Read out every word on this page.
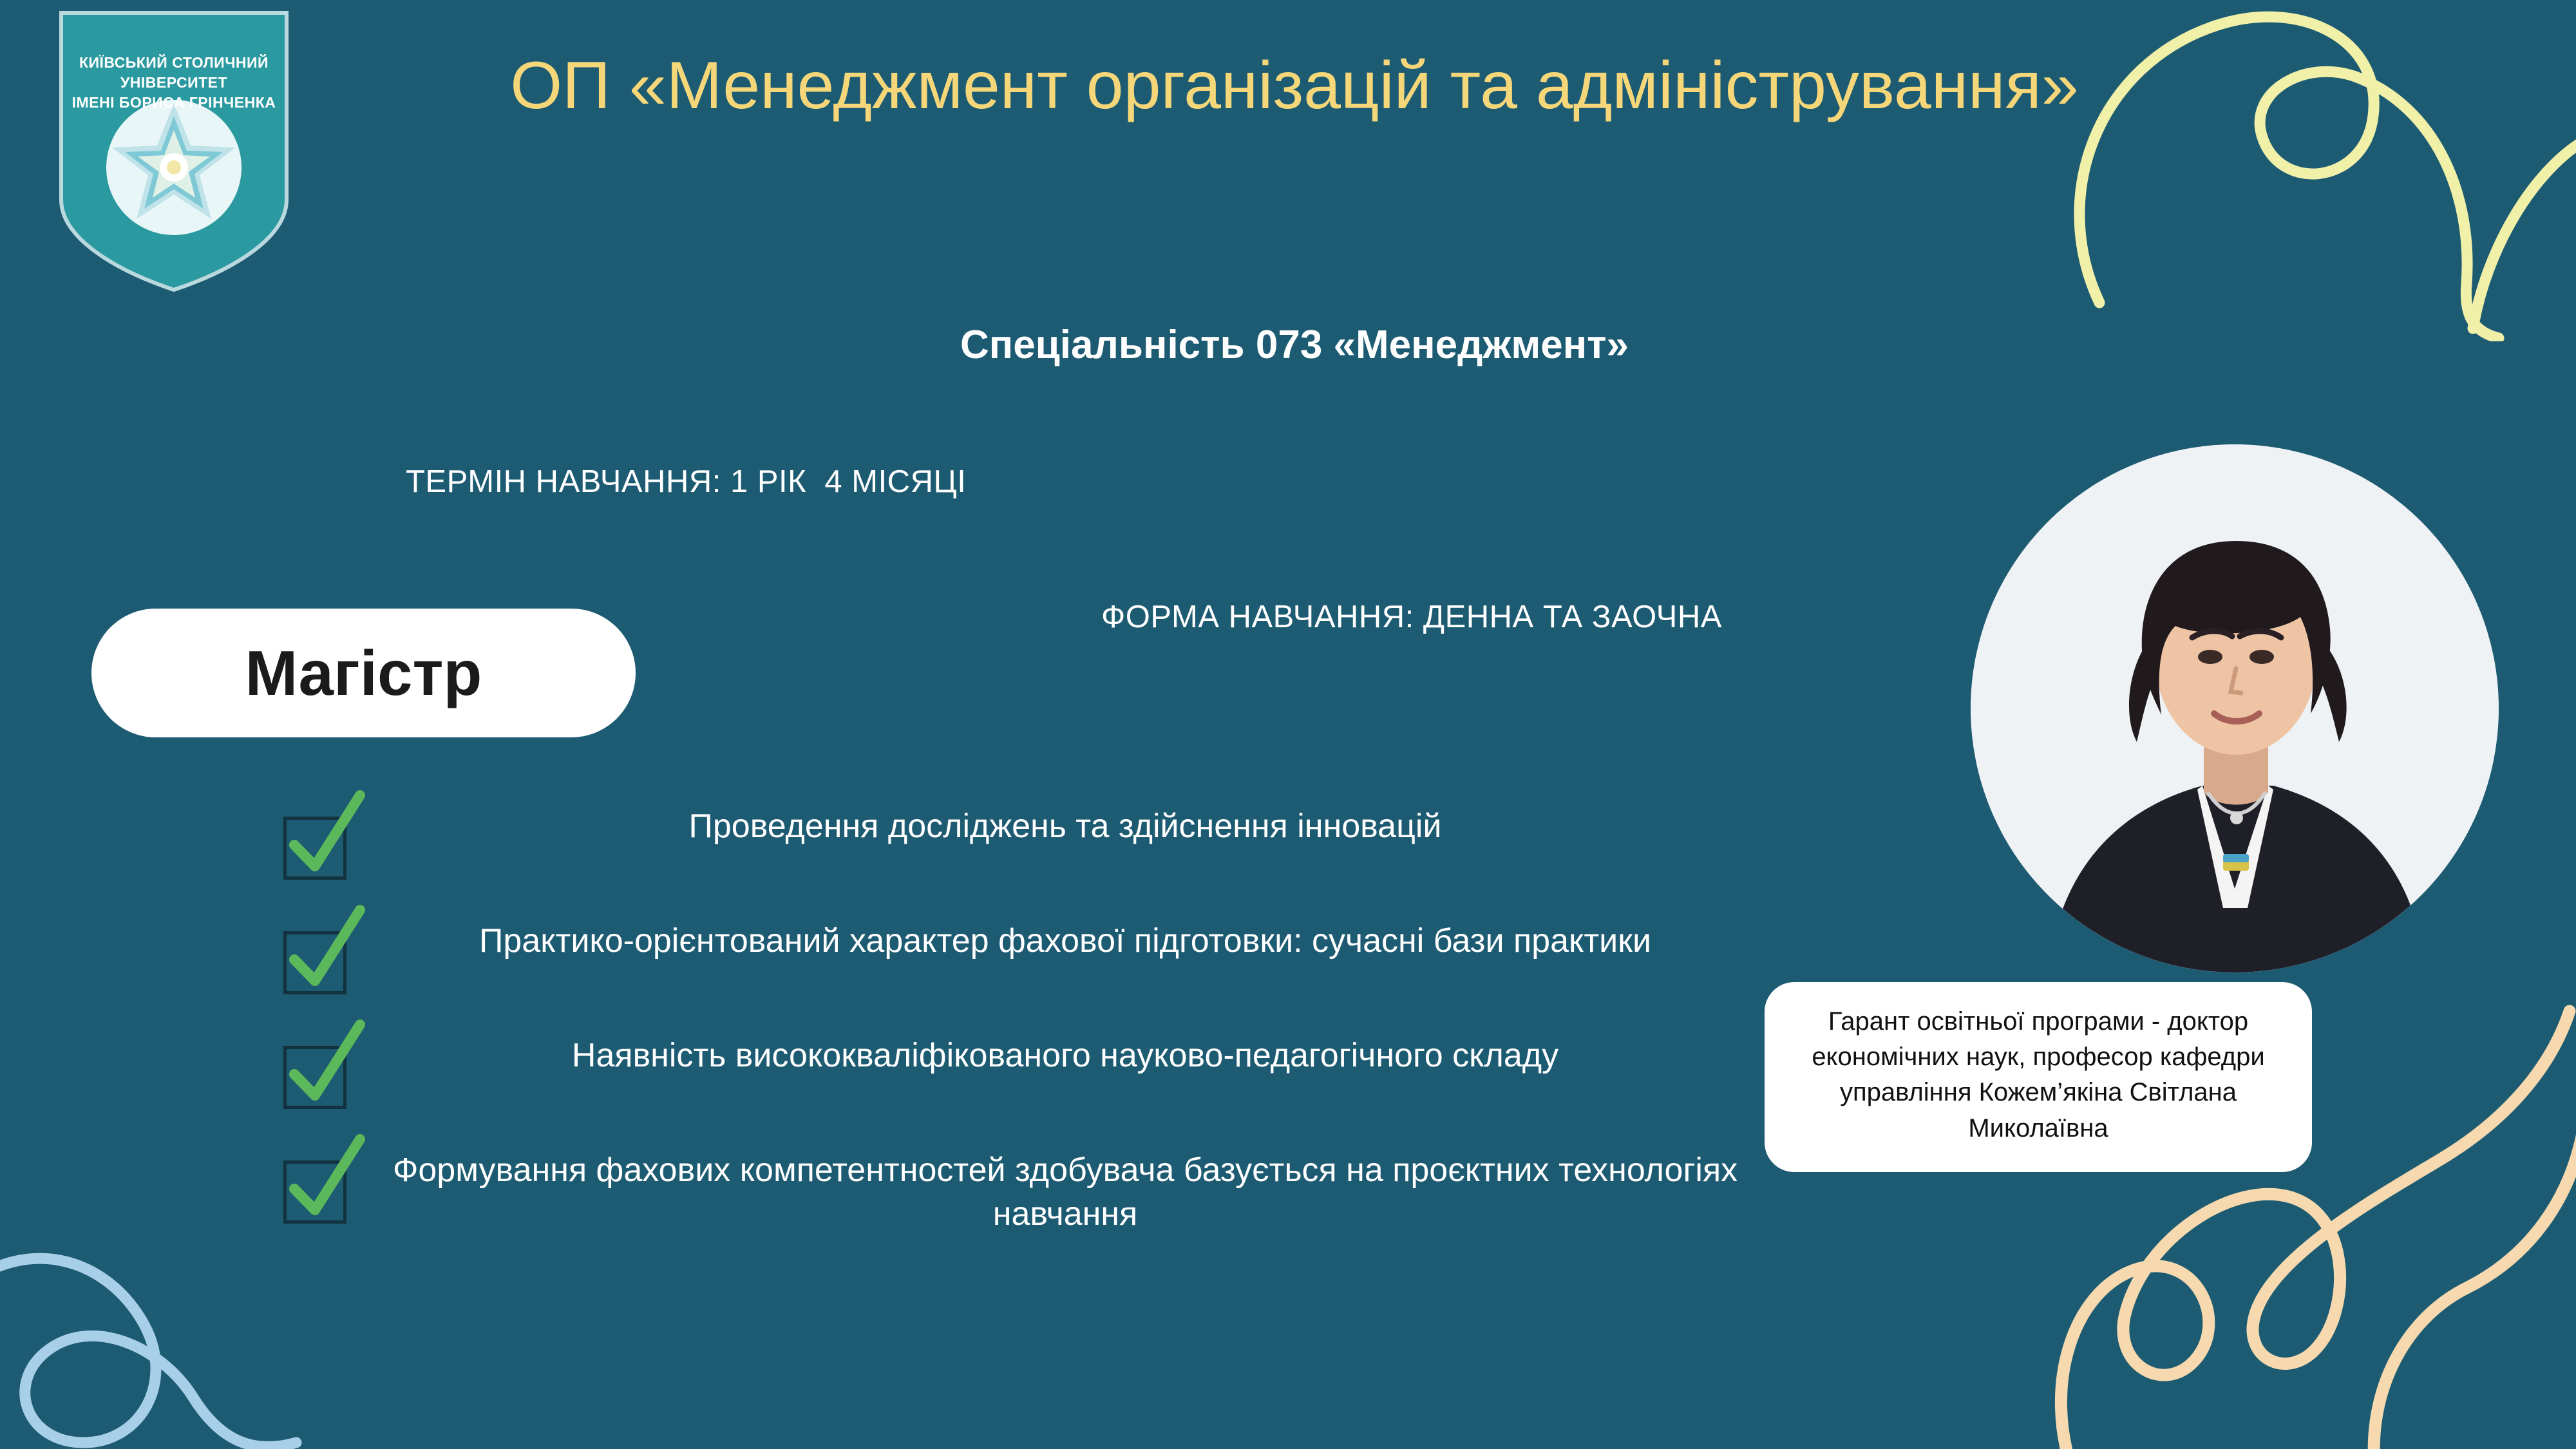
КИЇВСЬКИЙ СТОЛИЧНИЙ УНІВЕРСИТЕТ
ІМЕНІ БОРИСА ГРІНЧЕНКА	ОП «Менеджмент організацій та адміністрування»
Спеціальність 073 «Менеджмент»
ТЕРМІН НАВЧАННЯ: 1 РІК  4 МІСЯЦІ
ФОРМА НАВЧАННЯ: ДЕННА ТА ЗАОЧНА
Магістр
Проведення досліджень та здійснення інновацій
Практико-орієнтований характер фахової підготовки: сучасні бази практики
Наявність висококваліфікованого науково-педагогічного складу
Формування фахових компетентностей здобувача базується на проєктних технологіях навчання
Гарант освітньої програми - доктор економічних наук, професор кафедри управління Кожем’якіна Світлана Миколаївна
